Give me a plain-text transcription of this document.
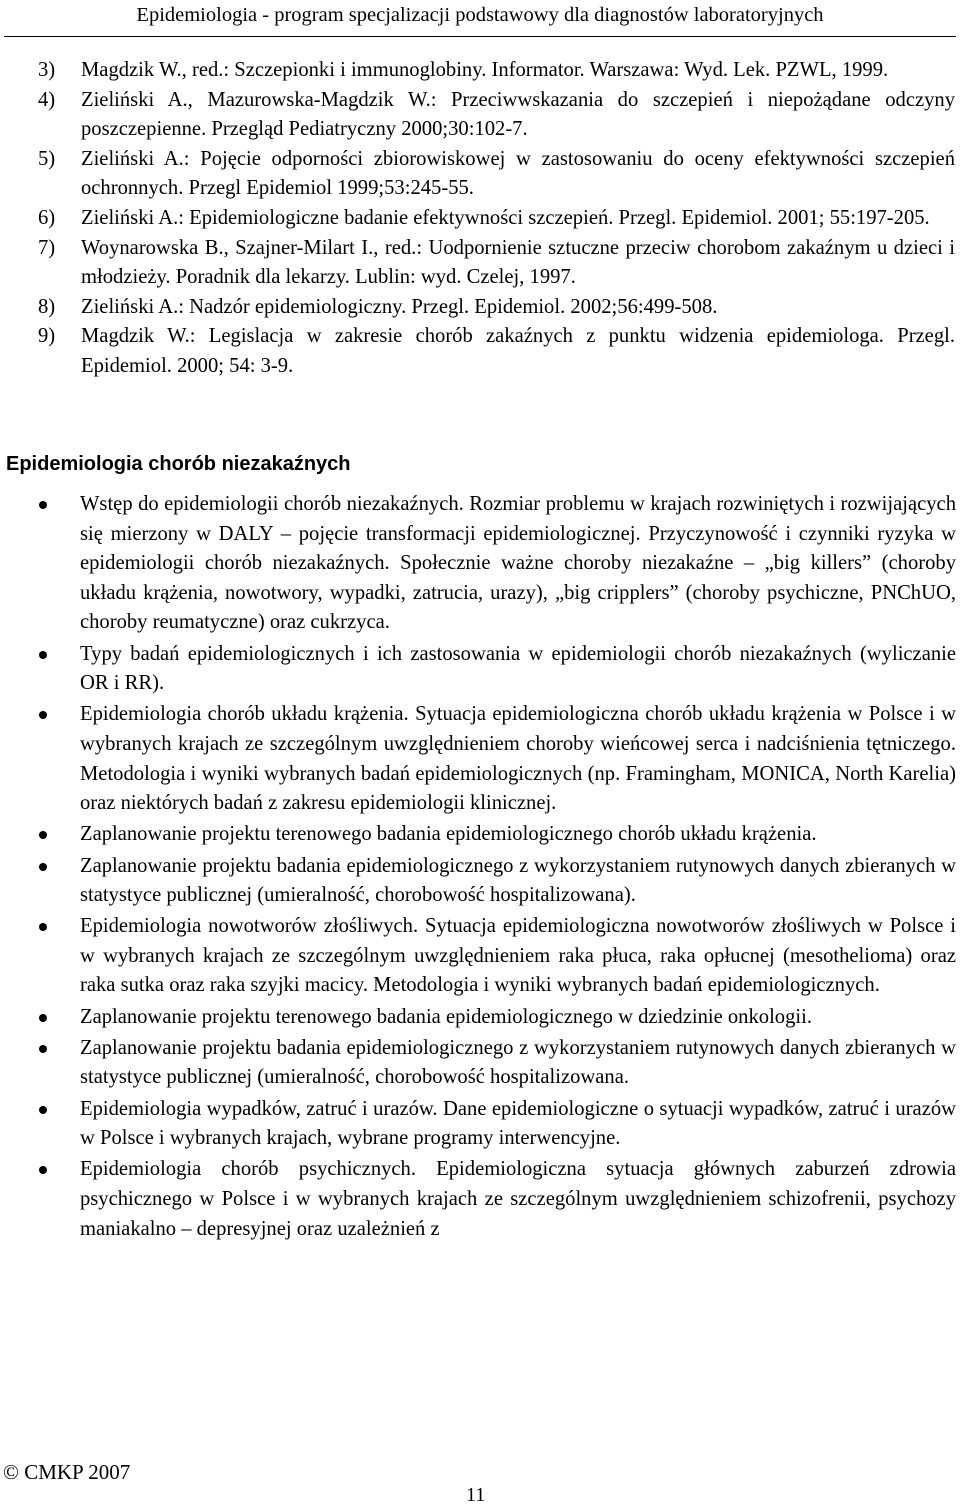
Epidemiologia - program specjalizacji podstawowy dla diagnostów laboratoryjnych
3) Magdzik W., red.: Szczepionki i immunoglobiny. Informator. Warszawa: Wyd. Lek. PZWL, 1999.
4) Zieliński A., Mazurowska-Magdzik W.: Przeciwwskazania do szczepień i niepożądane odczyny poszczepienne. Przegląd Pediatryczny 2000;30:102-7.
5) Zieliński A.: Pojęcie odporności zbiorowiskowej w zastosowaniu do oceny efektywności szczepień ochronnych. Przegl Epidemiol 1999;53:245-55.
6) Zieliński A.: Epidemiologiczne badanie efektywności szczepień. Przegl. Epidemiol. 2001; 55:197-205.
7) Woynarowska B., Szajner-Milart I., red.: Uodpornienie sztuczne przeciw chorobom zakaźnym u dzieci i młodzieży. Poradnik dla lekarzy. Lublin: wyd. Czelej, 1997.
8) Zieliński A.: Nadzór epidemiologiczny. Przegl. Epidemiol. 2002;56:499-508.
9) Magdzik W.: Legislacja w zakresie chorób zakaźnych z punktu widzenia epidemiologa. Przegl. Epidemiol. 2000; 54: 3-9.
Epidemiologia chorób niezakaźnych
Wstęp do epidemiologii chorób niezakaźnych. Rozmiar problemu w krajach rozwiniętych i rozwijających się mierzony w DALY – pojęcie transformacji epidemiologicznej. Przyczynowość i czynniki ryzyka w epidemiologii chorób niezakaźnych. Społecznie ważne choroby niezakaźne – „big killers” (choroby układu krążenia, nowotwory, wypadki, zatrucia, urazy), „big cripplers” (choroby psychiczne, PNChUO, choroby reumatyczne) oraz cukrzyca.
Typy badań epidemiologicznych i ich zastosowania w epidemiologii chorób niezakaźnych (wyliczanie OR i RR).
Epidemiologia chorób układu krążenia. Sytuacja epidemiologiczna chorób układu krążenia w Polsce i w wybranych krajach ze szczególnym uwzględnieniem choroby wieńcowej serca i nadciśnienia tętniczego. Metodologia i wyniki wybranych badań epidemiologicznych (np. Framingham, MONICA, North Karelia) oraz niektórych badań z zakresu epidemiologii klinicznej.
Zaplanowanie projektu terenowego badania epidemiologicznego chorób układu krążenia.
Zaplanowanie projektu badania epidemiologicznego z wykorzystaniem rutynowych danych zbieranych w statystyce publicznej (umieralność, chorobowość hospitalizowana).
Epidemiologia nowotworów złośliwych. Sytuacja epidemiologiczna nowotworów złośliwych w Polsce i w wybranych krajach ze szczególnym uwzględnieniem raka płuca, raka opłucnej (mesothelioma) oraz raka sutka oraz raka szyjki macicy. Metodologia i wyniki wybranych badań epidemiologicznych.
Zaplanowanie projektu terenowego badania epidemiologicznego w dziedzinie onkologii.
Zaplanowanie projektu badania epidemiologicznego z wykorzystaniem rutynowych danych zbieranych w statystyce publicznej (umieralność, chorobowość hospitalizowana.
Epidemiologia wypadków, zatruć i urazów. Dane epidemiologiczne o sytuacji wypadków, zatruć i urazów w Polsce i wybranych krajach, wybrane programy interwencyjne.
Epidemiologia chorób psychicznych. Epidemiologiczna sytuacja głównych zaburzeń zdrowia psychicznego w Polsce i w wybranych krajach ze szczególnym uwzględnieniem schizofrenii, psychozy maniakalno – depresyjnej oraz uzależnień z
© CMKP 2007
11
